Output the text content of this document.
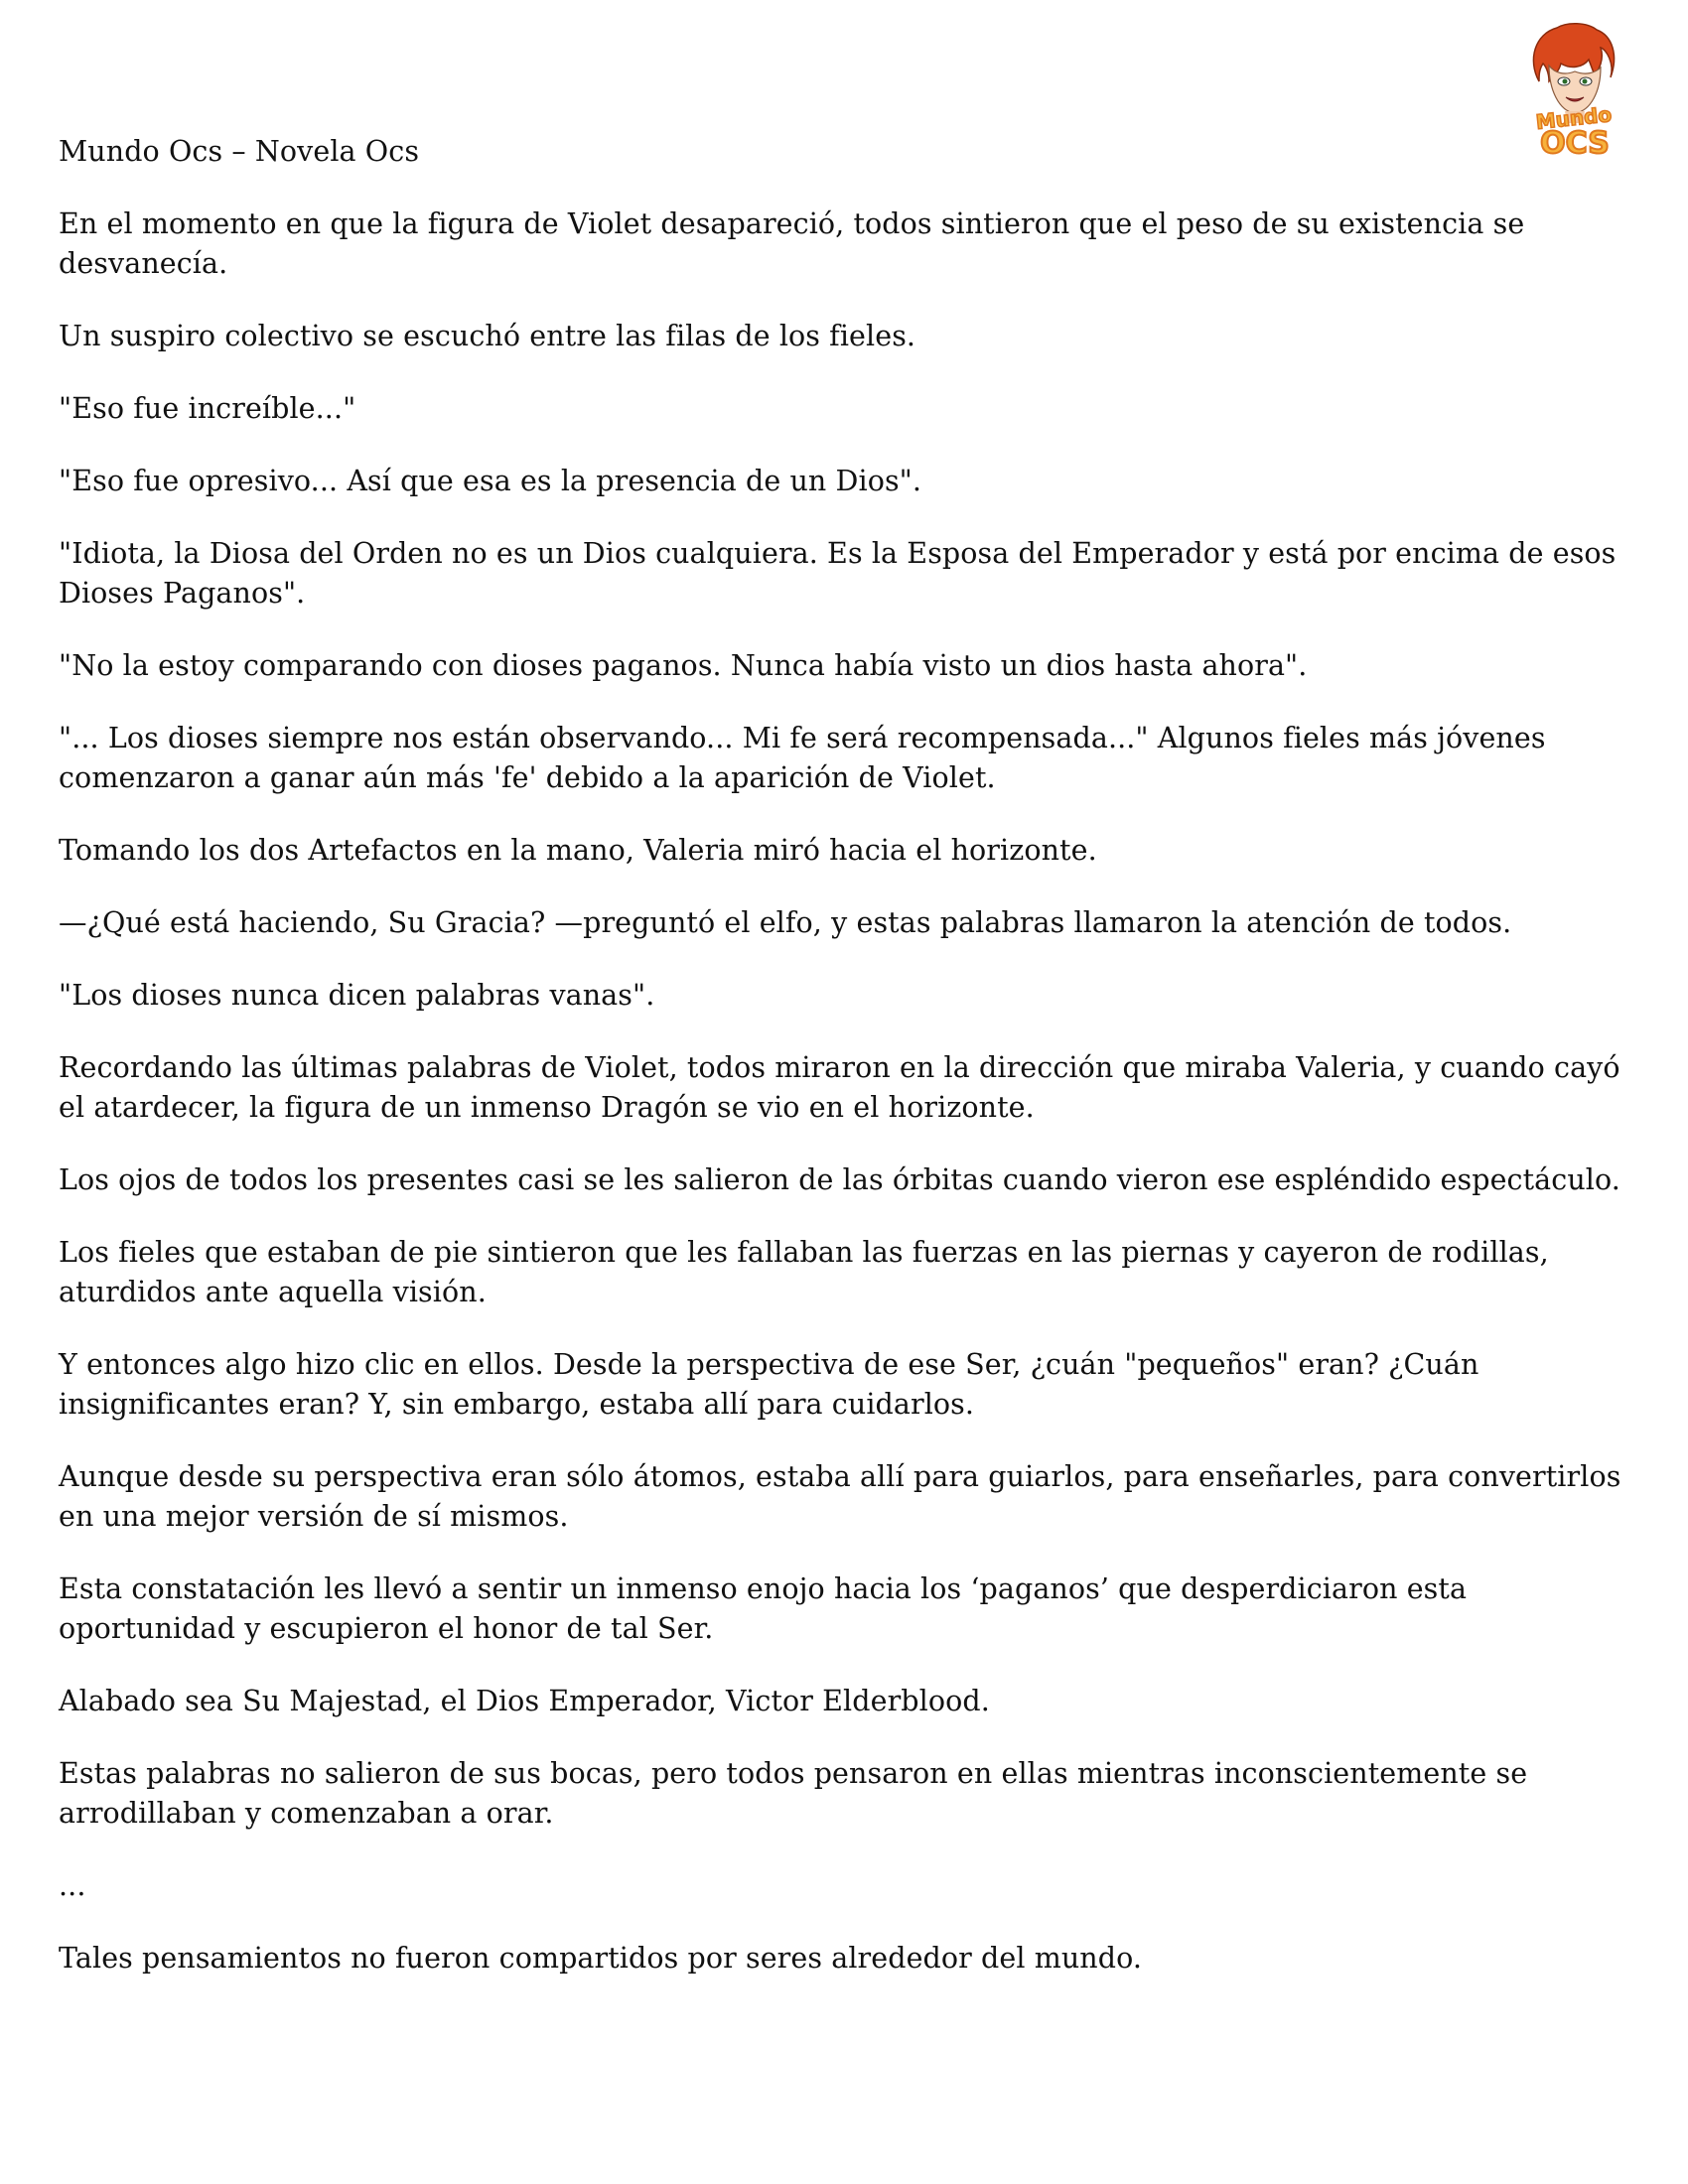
Mundo
OCS

Mundo Ocs – Novela Ocs

En el momento en que la figura de Violet desapareció, todos sintieron que el peso de su existencia se desvanecía.

Un suspiro colectivo se escuchó entre las filas de los fieles.

"Eso fue increíble..."

"Eso fue opresivo... Así que esa es la presencia de un Dios".

"Idiota, la Diosa del Orden no es un Dios cualquiera. Es la Esposa del Emperador y está por encima de esos Dioses Paganos".

"No la estoy comparando con dioses paganos. Nunca había visto un dios hasta ahora".

"... Los dioses siempre nos están observando... Mi fe será recompensada..." Algunos fieles más jóvenes comenzaron a ganar aún más 'fe' debido a la aparición de Violet.

Tomando los dos Artefactos en la mano, Valeria miró hacia el horizonte.

—¿Qué está haciendo, Su Gracia? —preguntó el elfo, y estas palabras llamaron la atención de todos.

"Los dioses nunca dicen palabras vanas".

Recordando las últimas palabras de Violet, todos miraron en la dirección que miraba Valeria, y cuando cayó el atardecer, la figura de un inmenso Dragón se vio en el horizonte.

Los ojos de todos los presentes casi se les salieron de las órbitas cuando vieron ese espléndido espectáculo.

Los fieles que estaban de pie sintieron que les fallaban las fuerzas en las piernas y cayeron de rodillas, aturdidos ante aquella visión.

Y entonces algo hizo clic en ellos. Desde la perspectiva de ese Ser, ¿cuán "pequeños" eran? ¿Cuán insignificantes eran? Y, sin embargo, estaba allí para cuidarlos.

Aunque desde su perspectiva eran sólo átomos, estaba allí para guiarlos, para enseñarles, para convertirlos en una mejor versión de sí mismos.

Esta constatación les llevó a sentir un inmenso enojo hacia los ‘paganos’ que desperdiciaron esta oportunidad y escupieron el honor de tal Ser.

Alabado sea Su Majestad, el Dios Emperador, Victor Elderblood.

Estas palabras no salieron de sus bocas, pero todos pensaron en ellas mientras inconscientemente se arrodillaban y comenzaban a orar.

...

Tales pensamientos no fueron compartidos por seres alrededor del mundo.
